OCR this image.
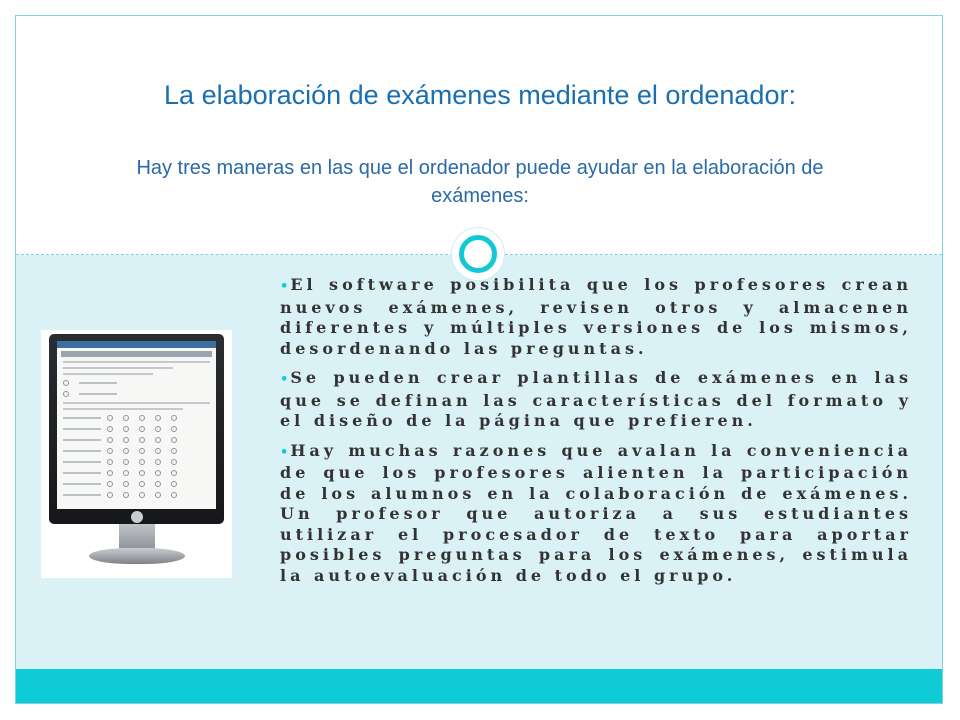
La elaboración de exámenes mediante el ordenador:

Hay tres maneras en las que el ordenador puede ayudar en la elaboración de exámenes:

• El software posibilita que los profesores crean nuevos exámenes, revisen otros y almacenen diferentes y múltiples versiones de los mismos, desordenando las preguntas.
• Se pueden crear plantillas de exámenes en las que se definan las características del formato y el diseño de la página que prefieren.
• Hay muchas razones que avalan la conveniencia de que los profesores alienten la participación de los alumnos en la colaboración de exámenes. Un profesor que autoriza a sus estudiantes utilizar el procesador de texto para aportar posibles preguntas para los exámenes, estimula la autoevaluación de todo el grupo.
